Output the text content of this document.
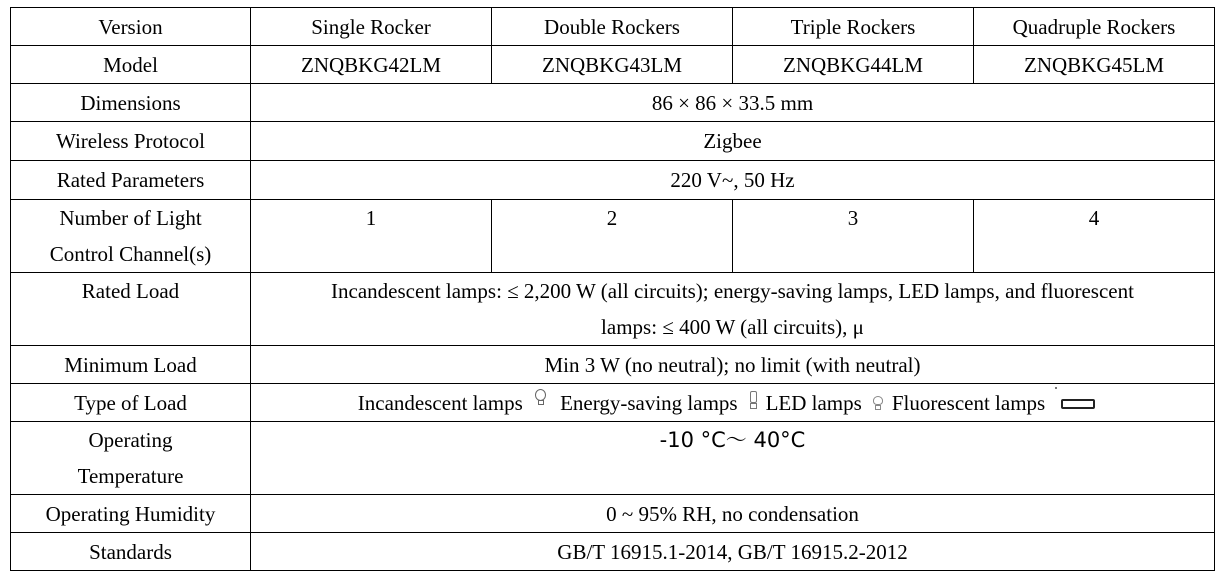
Version	Single Rocker	Double Rockers	Triple Rockers	Quadruple Rockers
Model	ZNQBKG42LM	ZNQBKG43LM	ZNQBKG44LM	ZNQBKG45LM
Dimensions	86 × 86 × 33.5 mm			
Wireless Protocol	Zigbee			
Rated Parameters	220 V~, 50 Hz			

Number of Light
Control Channel(s)	1	2	3	4
Rated Load	Incandescent lamps: ≤ 2,200 W (all circuits); energy-saving lamps, LED lamps, and fluorescent
lamps: ≤ 400 W (all circuits), μ			

Minimum Load	Min 3 W (no neutral); no limit (with neutral)			
Type of Load	Incandescent lamps Energy-saving lamps LED lamps Fluorescent lamps			

Operating
Temperature	-10 °C～ 40°C			
Operating Humidity	0 ~ 95% RH, no condensation			
Standards	GB/T 16915.1-2014, GB/T 16915.2-2012			
